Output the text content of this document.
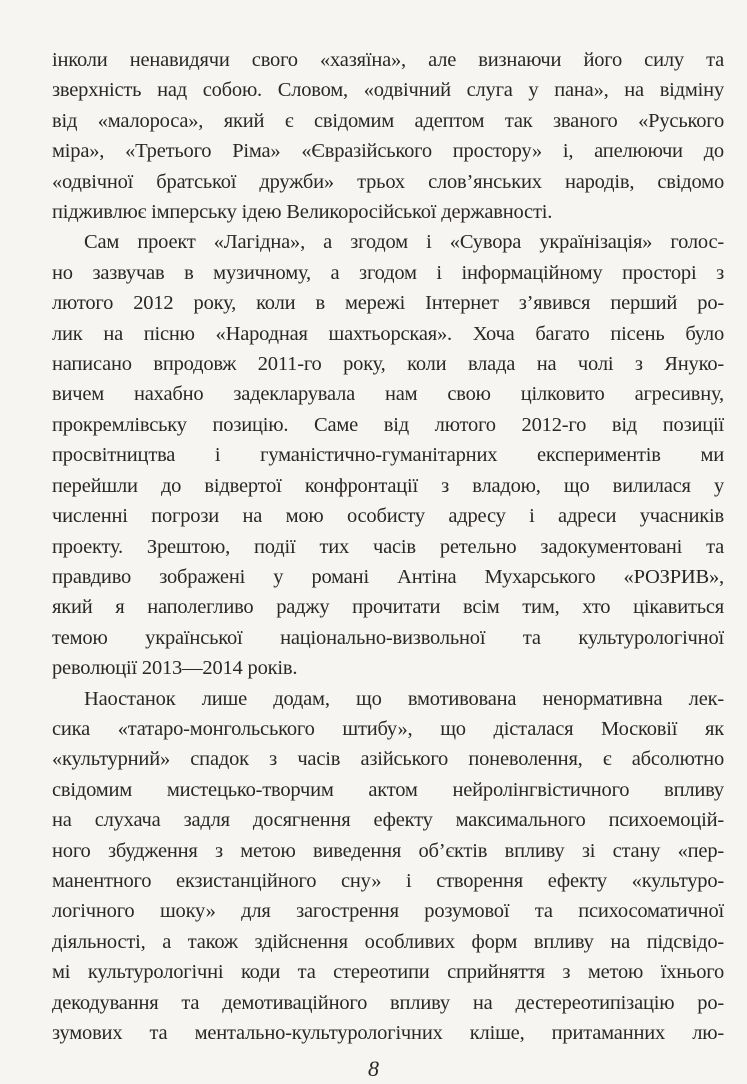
інколи ненавидячи свого «хазяїна», але визнаючи його силу та
зверхність над собою. Словом, «одвічний слуга у пана», на відміну
від «малороса», який є свідомим адептом так званого «Руського
міра», «Третього Ріма» «Євразійського простору» і, апелюючи до
«одвічної братської дружби» трьох слов’янських народів, свідомо
підживлює імперську ідею Великоросійської державності.
Сам проект «Лагідна», а згодом і «Сувора українізація» голос-
но зазвучав в музичному, а згодом і інформаційному просторі з
лютого 2012 року, коли в мережі Інтернет з’явився перший ро-
лик на пісню «Народная шахтьорская». Хоча багато пісень було
написано впродовж 2011-го року, коли влада на чолі з Януко-
вичем нахабно задекларувала нам свою цілковито агресивну,
прокремлівську позицію. Саме від лютого 2012-го від позиції
просвітництва і гуманістично-гуманітарних експериментів ми
перейшли до відвертої конфронтації з владою, що вилилася у
численні погрози на мою особисту адресу і адреси учасників
проекту. Зрештою, події тих часів ретельно задокументовані та
правдиво зображені у романі Антіна Мухарського «РОЗРИВ»,
який я наполегливо раджу прочитати всім тим, хто цікавиться
темою української національно-визвольної та культурологічної
революції 2013—2014 років.
Наостанок лише додам, що вмотивована ненормативна лек-
сика «татаро-монгольського штибу», що дісталася Московії як
«культурний» спадок з часів азійського поневолення, є абсолютно
свідомим мистецько-творчим актом нейролінгвістичного впливу
на слухача задля досягнення ефекту максимального психоемоцій-
ного збудження з метою виведення об’єктів впливу зі стану «пер-
манентного екзистанційного сну» і створення ефекту «культуро-
логічного шоку» для загострення розумової та психосоматичної
діяльності, а також здійснення особливих форм впливу на підсвідо-
мі культурологічні коди та стереотипи сприйняття з метою їхнього
декодування та демотиваційного впливу на дестереотипізацію ро-
зумових та ментально-культурологічних кліше, притаманних лю-
8
